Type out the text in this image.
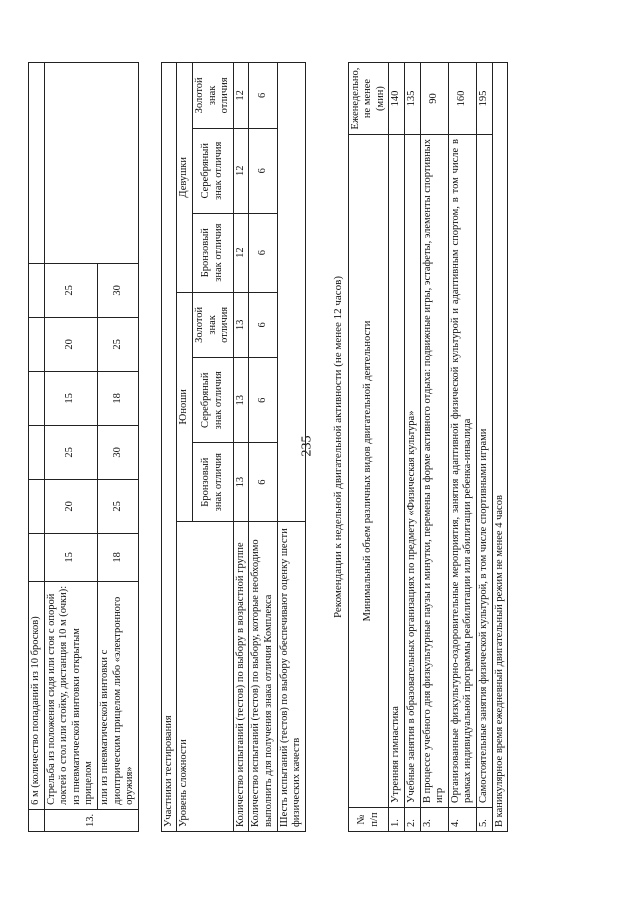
235
	6 м (количество попаданий из 10 бросков)							
13.	Стрельба из положения сидя или стоя с опорой локтей о стол или стойку, дистанция 10 м (очки): из пневматической винтовки открытым прицелом	15	20	25	15	20	25	
	или из пневматической винтовки с диоптрическим прицелом либо «электронного оружия»	18	25	30	18	25	30	
Участники тестирования						
Уровень сложности	Юноши			Девушки		
	Бронзовый знак отличия	Серебряный знак отличия	Золотой знак отличия	Бронзовый знак отличия	Серебряный знак отличия	Золотой знак отличия
Количество испытаний (тестов) по выбору в возрастной группе	13	13	13	12	12	12
Количество испытаний (тестов) по выбору, которые необходимо выполнить для получения знака отличия Комплекса	6	6	6	6	6	6
Шесть испытаний (тестов) по выбору обеспечивают оценку шести физических качеств						
Рекомендации к недельной двигательной активности (не менее 12 часов)
№ п/п	Минимальный объем различных видов двигательной деятельности	Еженедельно, не менее (мин)
1.	Утренняя гимнастика	140
2.	Учебные занятия в образовательных организациях по предмету «Физическая культура»	135
3.	В процессе учебного дня физкультурные паузы и минутки, перемены в форме активного отдыха: подвижные игры, эстафеты, элементы спортивных игр	90
4.	Организованные физкультурно-оздоровительные мероприятия, занятия адаптивной физической культурой и адаптивным спортом, в том числе в рамках индивидуальной программы реабилитации или абилитации ребенка-инвалида	160
5.	Самостоятельные занятия физической культурой, в том числе спортивными играми	195
В каникулярное время ежедневный двигательный режим не менее 4 часов		
